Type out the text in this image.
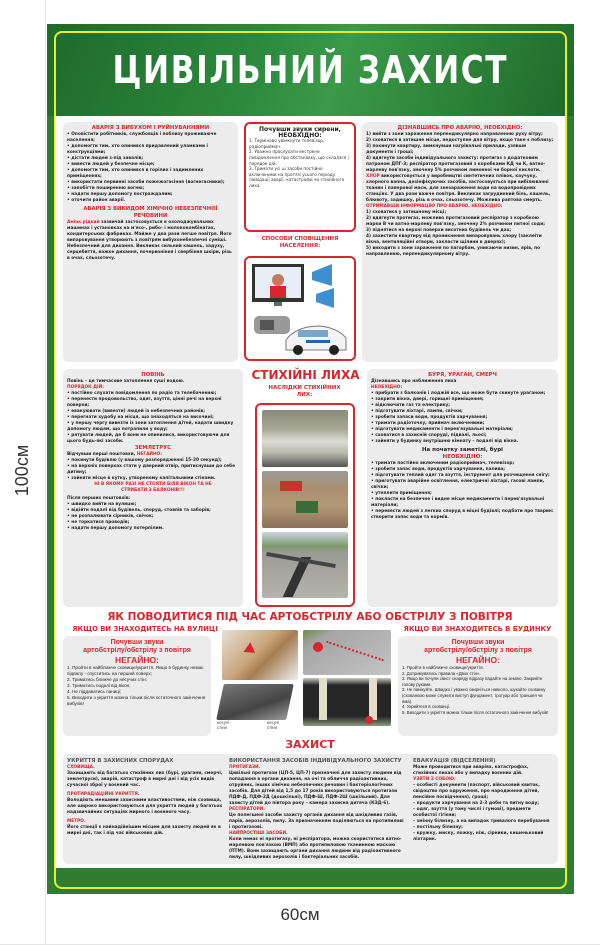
100см
ЦИВІЛЬНИЙ ЗАХИСТ
АВАРІЯ З ВИБУХОМ І РУЙНУВАННЯМИ
• Оповістити робітників, службовців і поблизу проживаюче населення;
• допомогти тим, хто опинився придавлений уламками і конструкціями;
• дістати людей з-під завалів;
• вивести людей у безпечне місце;
• допомогти тим, хто опинився в горілих і задимлених приміщеннях;
• використати первинні засоби пожежогасіння (вогнегасники);
• запобігти поширенню вогню;
• надати першу допомогу постраждалим;
• оточити район аварії.
АВАРІЯ З ВИКИДОМ ХІМІЧНО НЕБЕЗПЕЧНОЇ РЕЧОВИНИ
Аміак рідкий зазвичай застосовується в охолоджувальних машинах і установках на м'ясо-, рибо- і молококомбінатах, кондитерських фабриках. Майже у два рази легше повітря. Його випаровування утворюють з повітрям вибухонебезпечні суміші. Небезпечний для дихання. Викликає сильний кашель, задуху, серцебиття, важке дихання, почервоніння і свербіння шкіри, різь в очах, сльозотечу.
Почувши звуки сирени,
НЕОБХІДНО:
1. Терміново увімкнути телевізор, радіоприймач.
2. Уважно прослухати екстрене повідомлення про обстановку, що склалася і порядок дій.
3. Тримати усі ці засоби постійно включеними на протязі усього періоду ліквідації аварії, катастрофи чи стихійного лиха.
СПОСОБИ СПОВІЩЕННЯ НАСЕЛЕННЯ:
ДІЗНАВШИСЬ ПРО АВАРІЮ, НЕОБХІДНО:
1) вийти з зони зараження перпендикулярно направленню руху вітру;
2) сховатися в затишне місце, недоступне для вітру, якщо таке є поблизу;
3) покинути квартиру, вимкнувши нагрівальні прилади, узявши документи і гроші;
4) вдягнути засоби індивідуального захисту: протигаз з додатковим патроном ДПГ-3; респіратор протигазовий з коробками КД чи К, ватно-марлеву пов'язку, змочену 5% розчином лимонної чи борної кислоти.
ХЛОР використовується у виробництві синтетичних плівок, каучуку, хлорного вапна, дезінфікуючих засобів, застосовується при вибілюванні тканин і паперової маси, для знезараження води на водопровідних станціях. У два рази важче повітря. Викликає загрудинний біль, кашель, блювоту, задишку, різь в очах, сльозотечу. Можлива раптова смерть.
ОТРИМАВШИ ІНФОРМАЦІЮ ПРО АВАРІЮ, НЕОБХІДНО:
1) сховатися у затишному місці;
2) вдягнути протигаз, можливо протигазовий респіратор з коробкою марки В чи ватно-марлеву пов'язку, змочену 2% розчином питної соди;
3) піднятися на верхні поверхи висотних будівель чи дах;
4) захистити квартиру від проникнення випаровувань хлору (заклеїти вікна, вентиляційні отвори, закласти щілини в дверях);
5) виходити з зони зараження по пагорбам, уникаючи низин, ярів, по направленню, перпендикулярному вітру.
ПОВІНЬ
Повінь – це тимчасове затоплення суші водою.
ПОРЯДОК ДІЙ:
• постійно слухати повідомлення по радіо та телебаченню;
• перенести продовольство, одяг, взуття, цінні речі на верхні поверхи;
• евакуювати (вивезти) людей із небезпечних районів;
• перегнати худобу на місця, що знаходяться на височині;
• у першу чергу вивезти із зони затоплення дітей, надати швидку допомогу людям, що потрапили у воду;
• рятувати людей, де б вони не опинилися, використовуючи для цього будь-які засоби.
ЗЕМЛЕТРУС
Відчувши перші поштовхи, НЕГАЙНО:
• покинути будівлю (у вашому розпорядженні 15-20 секунд);
• на верхніх поверхах стати у дверний отвір, притиснувши до себе дитину;
• зайняти місце в кутку, утвореному капітальними стінами.
НІ В ЯКОМУ РАЗІ НЕ СТОЯТИ БІЛЯ ВІКОН ТА НЕ СТРИБАТИ З БАЛКОНІВ!!!
Після перших поштовхів:
• швидко вийти на вулицю;
• відійти подалі від будівель, споруд, стовпів та заборів;
• не розпалювати сірників, свічок;
• не торкатися проводів;
• надати першу допомогу потерпілим.
СТИХІЙНІ ЛИХА
НАСЛІДКИ СТИХІЙНИХ ЛИХ:
БУРЯ, УРАГАН, СМЕРЧ
Дізнавшись про наближення лиха
НЕОБХІДНО:
• прибрати з балконів і лоджій все, що може бути скинуте ураганом;
• закрити вікна, двері, горищні приміщення;
• відключити газ та електрику;
• підготувати ліхтарі, лампи, свічки;
• зробити запаси води, продуктів харчування;
• тримати радіоточку, приймач включеними;
• підготувати медикаменти і перев'язувальні матеріали;
• сховатися в захисній споруді, підвалі, льосі;
• зайняти у будинку внутрішню кімнату – подалі від вікна.
На початку заметілі, бурі
НЕОБХІДНО:
• тримати постійно включеним радіоприймач, телевізор;
• зробити запас води, продуктів харчування, палива;
• підготувати теплий одяг та взуття, інструмент для розчищення снігу;
• приготувати аварійне освітлення, електричні ліхтарі, гасові лампи, свічки;
• утеплити приміщення;
• покласти на безпечне і видне місце медикаменти і перев'язувальні матеріали;
• перевести людей з легких споруд в міцні будівлі; подбати про тварин: створити запас води та кормів.
ЯК ПОВОДИТИСЯ ПІД ЧАС АРТОБСТРІЛУ АБО ОБСТРІЛУ З ПОВІТРЯ
ЯКЩО ВИ ЗНАХОДИТЕСЬ НА ВУЛИЦІ	ЯКЩО ВИ ЗНАХОДИТЕСЬ В БУДИНКУ
Почувши звуки
артобстрілу/обстрілу з повітря
НЕГАЙНО:
1. Пройти в найближче сховище/укриття. Якщо в будинку немає підвалу - спуститись на перший поверх;
2. Триматись ближче до несучих стін;
3. Триматись подалі від вікон;
4. Не піддаватись паниці;
5. Виходити з укриття можна тільки після остаточного закінчення вибухів!
несучі стіни
несучі стіни
Почувши звуки
артобстрілу/обстрілу з повітря
НЕГАЙНО:
1. Пройти в найближче сховище/укриття.
2. Дотримуватись правила «Двох стін».
3. Якщо ви почули свист снаряду відразу падайте на землю. Закрийте голову руками.
3. Не панікуйте. Швидко і уважно озирніться навколо, шукайте схованку (схованкою може служити виступ фундамент, тротуар або траншея чи яма).
4. Укрийтеся в схованці.
5. Виходити з укриття можна тільки після остаточного закінчення вибухів!
ЗАХИСТ
УКРИТТЯ В ЗАХИСНИХ СПОРУДАХ
СХОВИЩА.
Захищають від багатьох стихійних лих (бурі, урагани, смерчі, землетруси), аварій, катастроф в мирні дні і від усіх видів сучасної зброї у воєнний час.
ПРОТИРАДІАЦІЙНІ УКРИТТЯ.
Володіють меншими захисними властивостями, ніж сховища, але широко використовуються для укриття людей у багатьох надзвичайних ситуаціях мирного і воєнного часу.
МЕТРО.
Його станції є найнадійнішим місцем для захисту людей як в мирні дні, так і під час військових дій.
ВИКОРИСТАННЯ ЗАСОБІВ ІНДИВІДУАЛЬНОГО ЗАХИСТУ
ПРОТИГАЗИ.
Цивільні протигази (ЦП-5, ЦП-7) призначені для захисту людини від попадання в органи дихання, на очі та обличчя радіоактивних, отруйних, інших хімічно небезпечних речовин і бактеріологічних засобів. Для дітей від 1,5 до 17 років використовуються протигази ПДФ-Д, ПДФ-2Д (дошкільні), ПДФ-Ш, ПДФ-2Ш (шкільний). Для захисту дітей до півтора року – камера захисна дитяча (КЗД-6).
РЕСПІРАТОРИ.
Це полегшені засоби захисту органів дихання від шкідливих газів, парів, аерозолів, пилу. За призначенням поділяються на протипилові і протигазові.
НАЙПРОСТІШІ ЗАСОБИ.
Коли немає ні протигазу, ні респіратора, можна скористатися ватно-марлевою пов'язкою (ВМП) або протипиловою тканинною маскою (ПТМ). Вони захищають органи дихання людини від радіоактивного пилу, шкідливих аерозолів і бактеріальних засобів.
ЕВАКУАЦІЯ (ВІДСЕЛЕННЯ)
Може проводитися при аваріях, катастрофах, стихійних лихах або у випадку воєнних дій.
УЗЯТИ З СОБОЮ:
– особисті документи (паспорт, військовий квиток, свідоцтво про одруження, про народження дітей, пенсійне посвідчення), гроші;
– продукти харчування на 2-3 доби та питну воду;
– одяг, взуття (у тому числі і гумові), предмети особистої гігієни;
– змінну білизну, а на випадок тривалого перебування – постільну білизну;
– кружку, миску, ложку, ніж, сірники, кишеньковий ліхтарик.
60см
